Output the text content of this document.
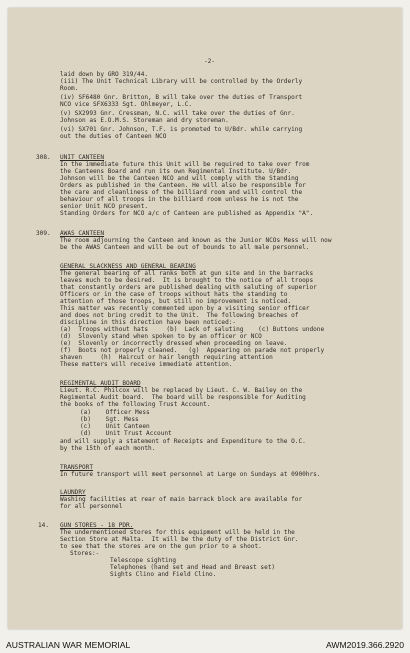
-2-
laid down by GRO 319/44.
(iii) The Unit Technical Library will be controlled by the Orderly
Room.
(iv) SF6480 Gnr. Britton, B will take over the duties of Transport
NCO vice SFX6333 Sgt. Ohlmeyer, L.C.
(v) SX2993 Gnr. Cressman, N.C. will take over the duties of Gnr.
Johnson as E.O.M.S. Storeman and dry storeman.
(vi) SX701 Gnr. Johnson, T.F. is promoted to U/Bdr. while carrying
out the duties of Canteen NCO
308. UNIT CANTEEN
In the immediate future this Unit will be required to take over from
the Canteens Board and run its own Regimental Institute. U/Bdr.
Johnson will be the Canteen NCO and will comply with the Standing
Orders as published in the Canteen. He will also be responsible for
the care and cleanliness of the billiard room and will control the
behaviour of all troops in the billiard room unless he is not the
senior Unit NCO present.
Standing Orders for NCO a/c of Canteen are published as Appendix "A".
309. AWAS CANTEEN
The room adjourning the Canteen and known as the Junior NCOs Mess will now
be the AWAS Canteen and will be out of bounds to all male personnel.
GENERAL SLACKNESS AND GENERAL BEARING
The general bearing of all ranks both at gun site and in the barracks
leaves much to be desired.  It is brought to the notice of all troops
that constantly orders are published dealing with saluting of superior
Officers or in the case of troops without hats the standing to
attention of those troops, but still no improvement is noticed.
This matter was recently commented upon by a visiting senior officer
and does not bring credit to the Unit.  The following breaches of
discipline in this direction have been noticed:-
(a)  Troops without hats     (b)  Lack of saluting    (c) Buttons undone
(d)  Slovenly stand when spoken to by an officer or NCO
(e)  Slovenly or incorrectly dressed when proceeding on leave.
(f)  Boots not properly cleaned.   (g)  Appearing on parade not properly
shaven     (h)  Haircut or hair length requiring attention
These matters will receive immediate attention.
REGIMENTAL AUDIT BOARD
Lieut. R.C. Philcox will be replaced by Lieut. C. W. Bailey on the
Regimental Audit board.  The board will be responsible for Auditing
the books of the following Trust Account.
(a)    Officer Mess
(b)    Sgt. Mess
(c)    Unit Canteen
(d)    Unit Trust Account
and will supply a statement of Receipts and Expenditure to the O.C.
by the 15th of each month.
TRANSPORT
In future transport will meet personnel at Large on Sundays at 0900hrs.
LAUNDRY
Washing facilities at rear of main barrack block are available for
for all personnel
14. GUN STORES - 18 PDR.
The undermentioned stores for this equipment will be held in the
Section Store at Malta.  It will be the duty of the District Gnr.
to see that the stores are on the gun prior to a shoot.
Stores:-
Telescope sighting
Telephones (hand set and Head and Breast set)
Sights Clino and Field Clino.
AUSTRALIAN WAR MEMORIAL	AWM2019.366.2920
